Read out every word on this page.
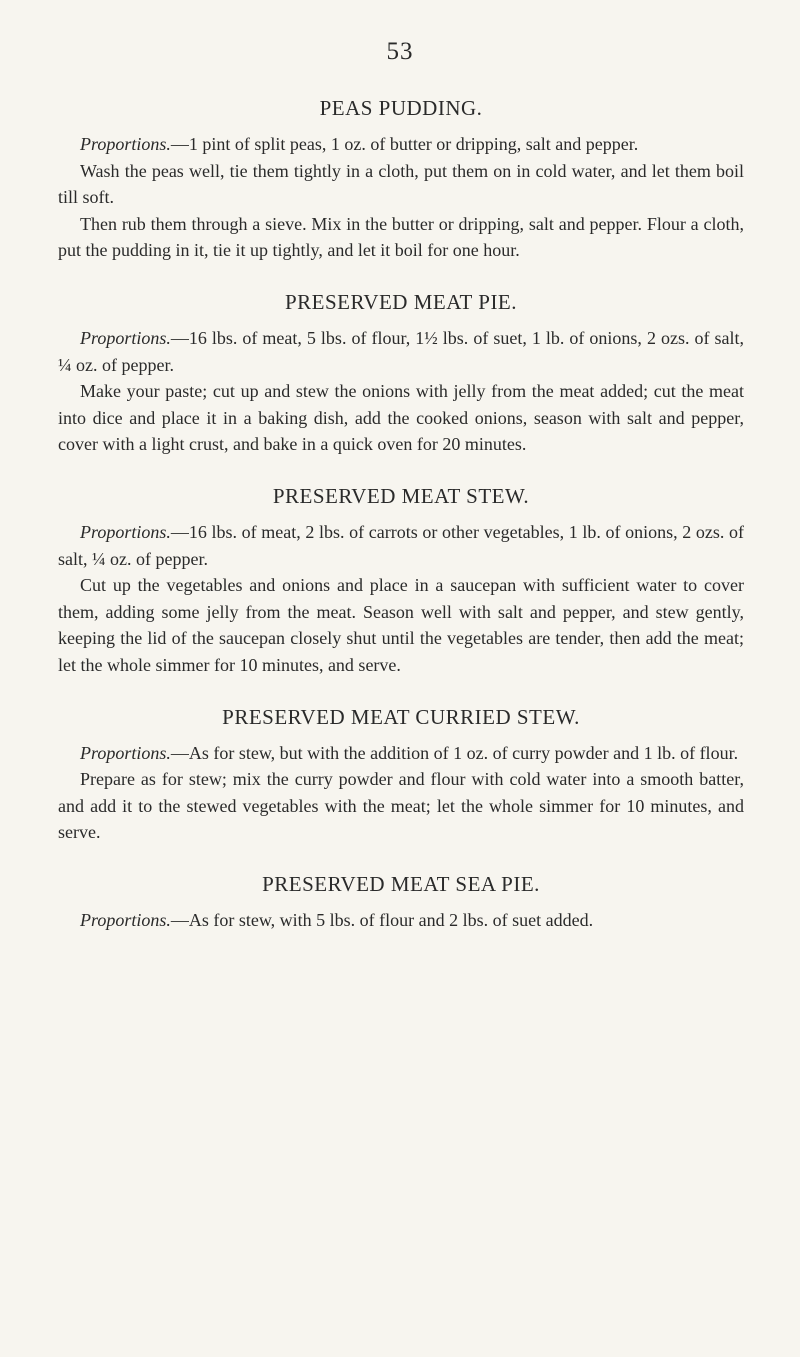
53
PEAS PUDDING.

Proportions.—1 pint of split peas, 1 oz. of butter or dripping, salt and pepper.

Wash the peas well, tie them tightly in a cloth, put them on in cold water, and let them boil till soft.

Then rub them through a sieve. Mix in the butter or dripping, salt and pepper. Flour a cloth, put the pudding in it, tie it up tightly, and let it boil for one hour.

PRESERVED MEAT PIE.

Proportions.—16 lbs. of meat, 5 lbs. of flour, 1½ lbs. of suet, 1 lb. of onions, 2 ozs. of salt, ¼ oz. of pepper.

Make your paste; cut up and stew the onions with jelly from the meat added; cut the meat into dice and place it in a baking dish, add the cooked onions, season with salt and pepper, cover with a light crust, and bake in a quick oven for 20 minutes.

PRESERVED MEAT STEW.

Proportions.—16 lbs. of meat, 2 lbs. of carrots or other vegetables, 1 lb. of onions, 2 ozs. of salt, ¼ oz. of pepper.

Cut up the vegetables and onions and place in a saucepan with sufficient water to cover them, adding some jelly from the meat. Season well with salt and pepper, and stew gently, keeping the lid of the saucepan closely shut until the vegetables are tender, then add the meat; let the whole simmer for 10 minutes, and serve.

PRESERVED MEAT CURRIED STEW.

Proportions.—As for stew, but with the addition of 1 oz. of curry powder and 1 lb. of flour.

Prepare as for stew; mix the curry powder and flour with cold water into a smooth batter, and add it to the stewed vegetables with the meat; let the whole simmer for 10 minutes, and serve.

PRESERVED MEAT SEA PIE.

Proportions.—As for stew, with 5 lbs. of flour and 2 lbs. of suet added.
